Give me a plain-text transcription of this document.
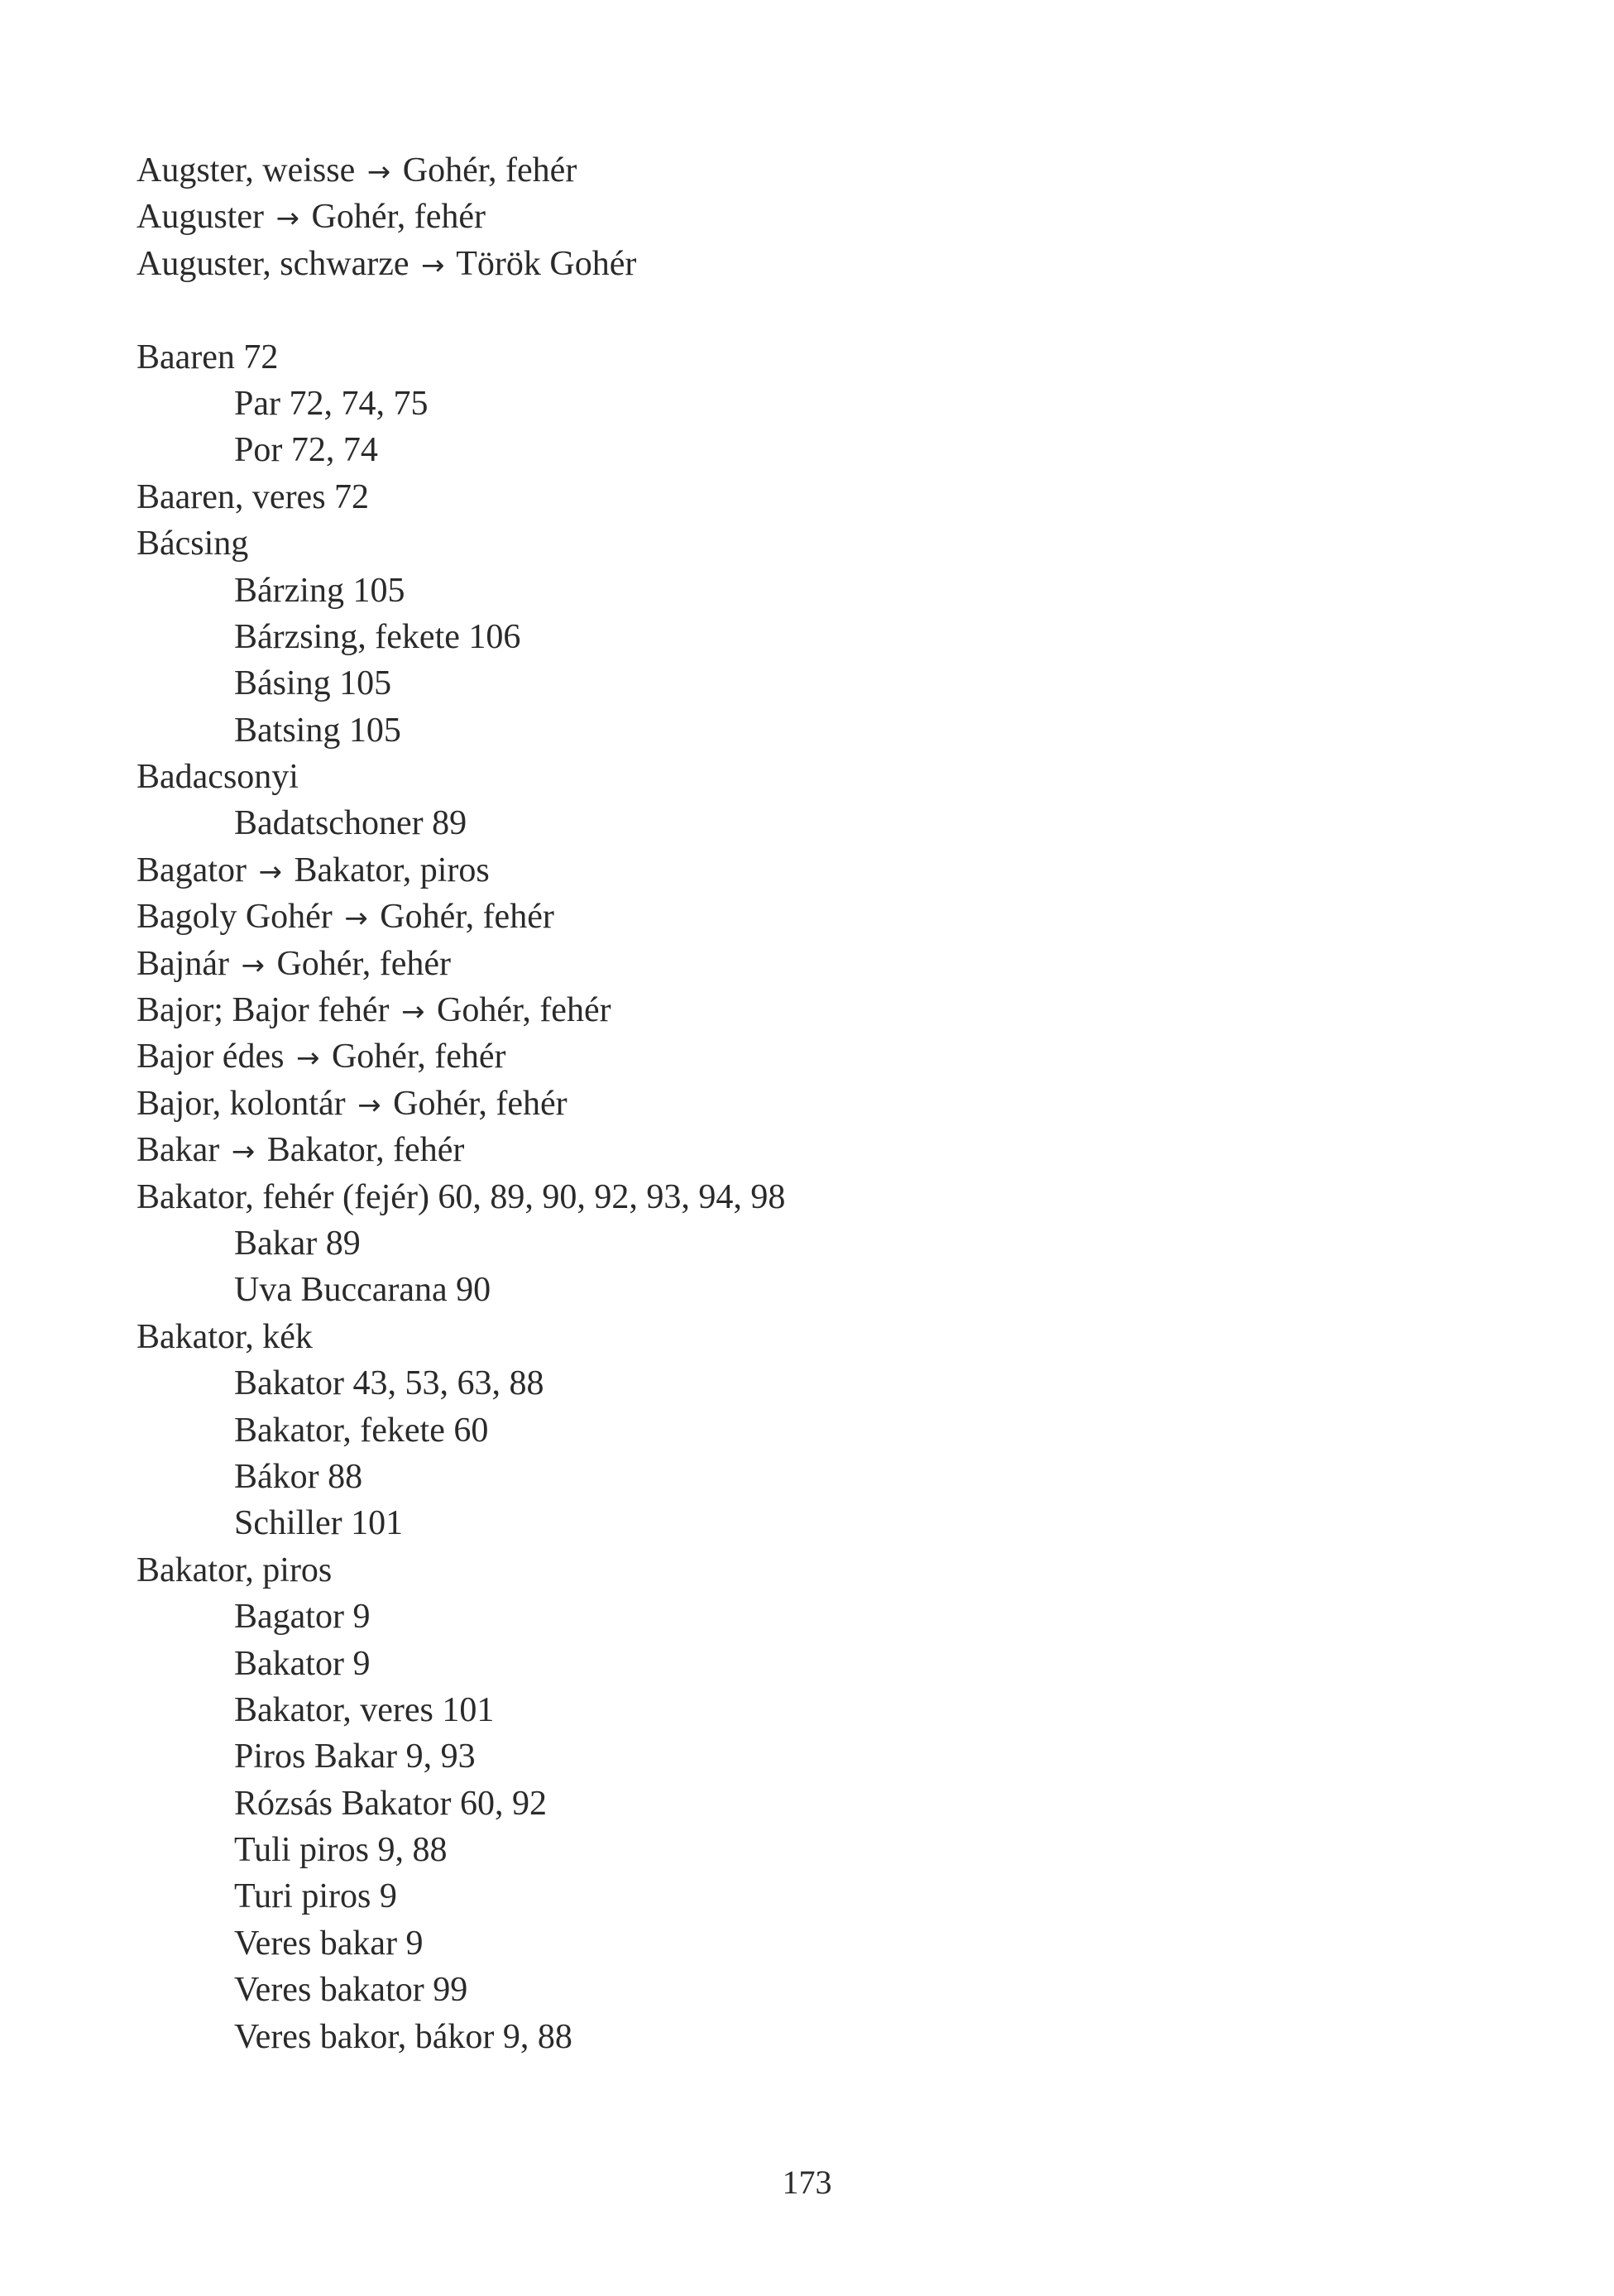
Augster, weisse → Gohér, fehér
Auguster → Gohér, fehér
Auguster, schwarze → Török Gohér
Baaren 72
Par 72, 74, 75
Por 72, 74
Baaren, veres 72
Bácsing
Bárzing 105
Bárzsing, fekete 106
Básing 105
Batsing 105
Badacsonyi
Badatschoner 89
Bagator → Bakator, piros
Bagoly Gohér → Gohér, fehér
Bajnár → Gohér, fehér
Bajor; Bajor fehér → Gohér, fehér
Bajor édes → Gohér, fehér
Bajor, kolontár → Gohér, fehér
Bakar → Bakator, fehér
Bakator, fehér (fejér) 60, 89, 90, 92, 93, 94, 98
Bakar 89
Uva Buccarana 90
Bakator, kék
Bakator 43, 53, 63, 88
Bakator, fekete 60
Bákor 88
Schiller 101
Bakator, piros
Bagator 9
Bakator 9
Bakator, veres 101
Piros Bakar 9, 93
Rózsás Bakator 60, 92
Tuli piros 9, 88
Turi piros 9
Veres bakar 9
Veres bakator 99
Veres bakor, bákor 9, 88
173
